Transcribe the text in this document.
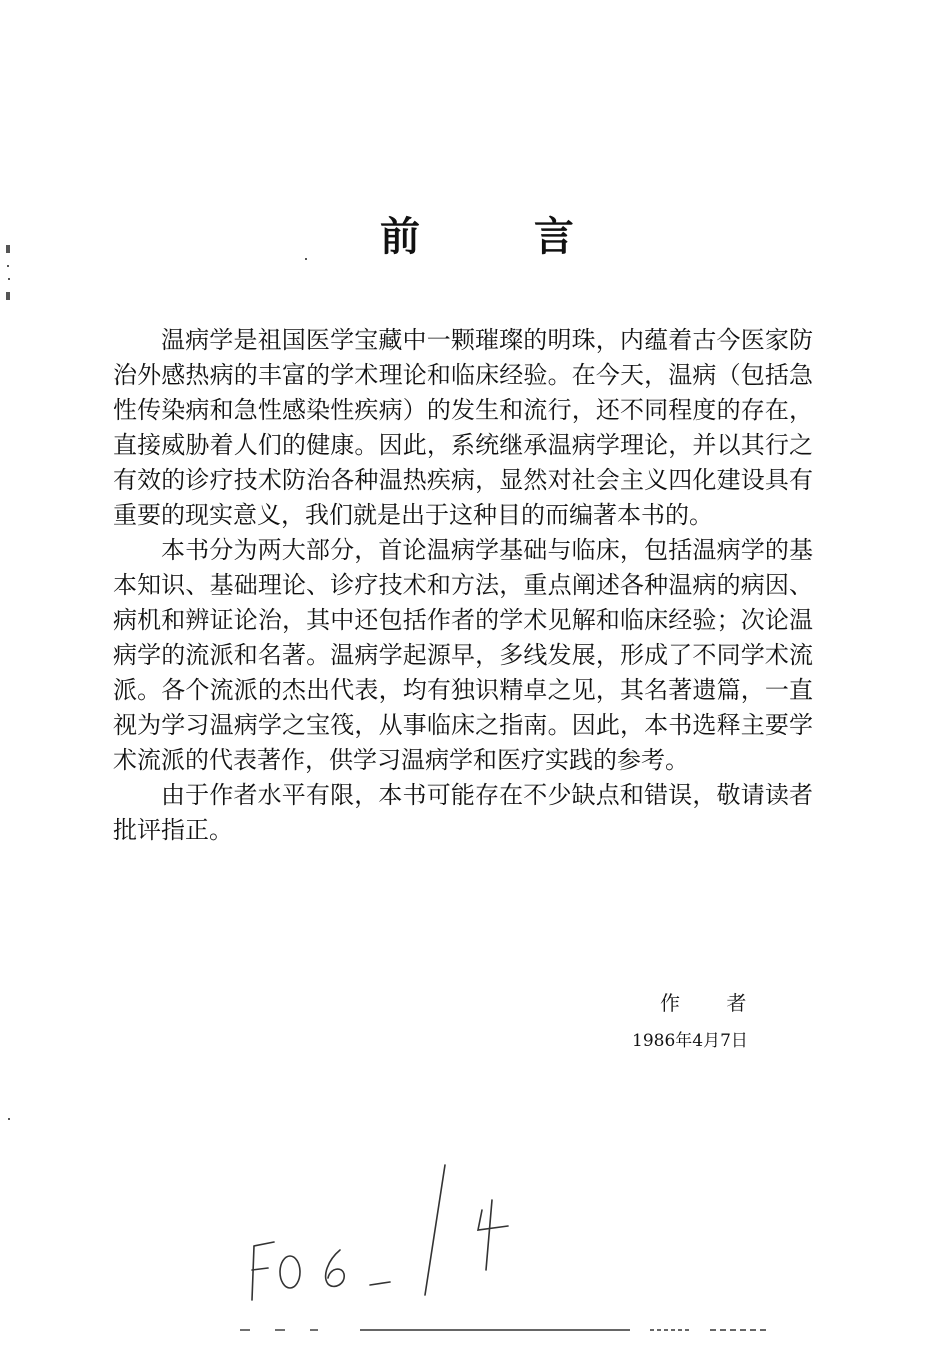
前 言

温病学是祖国医学宝藏中一颗璀璨的明珠，内蕴着古今医家防治外感热病的丰富的学术理论和临床经验。在今天，温病（包括急性传染病和急性感染性疾病）的发生和流行，还不同程度的存在，直接威胁着人们的健康。因此，系统继承温病学理论，并以其行之有效的诊疗技术防治各种温热疾病，显然对社会主义四化建设具有重要的现实意义，我们就是出于这种目的而编著本书的。

本书分为两大部分，首论温病学基础与临床，包括温病学的基本知识、基础理论、诊疗技术和方法，重点阐述各种温病的病因、病机和辨证论治，其中还包括作者的学术见解和临床经验；次论温病学的流派和名著。温病学起源早，多线发展，形成了不同学术流派。各个流派的杰出代表，均有独识精卓之见，其名著遗篇，一直视为学习温病学之宝筏，从事临床之指南。因此，本书选释主要学术流派的代表著作，供学习温病学和医疗实践的参考。

由于作者水平有限，本书可能存在不少缺点和错误，敬请读者批评指正。

作 者
1986年4月7日
